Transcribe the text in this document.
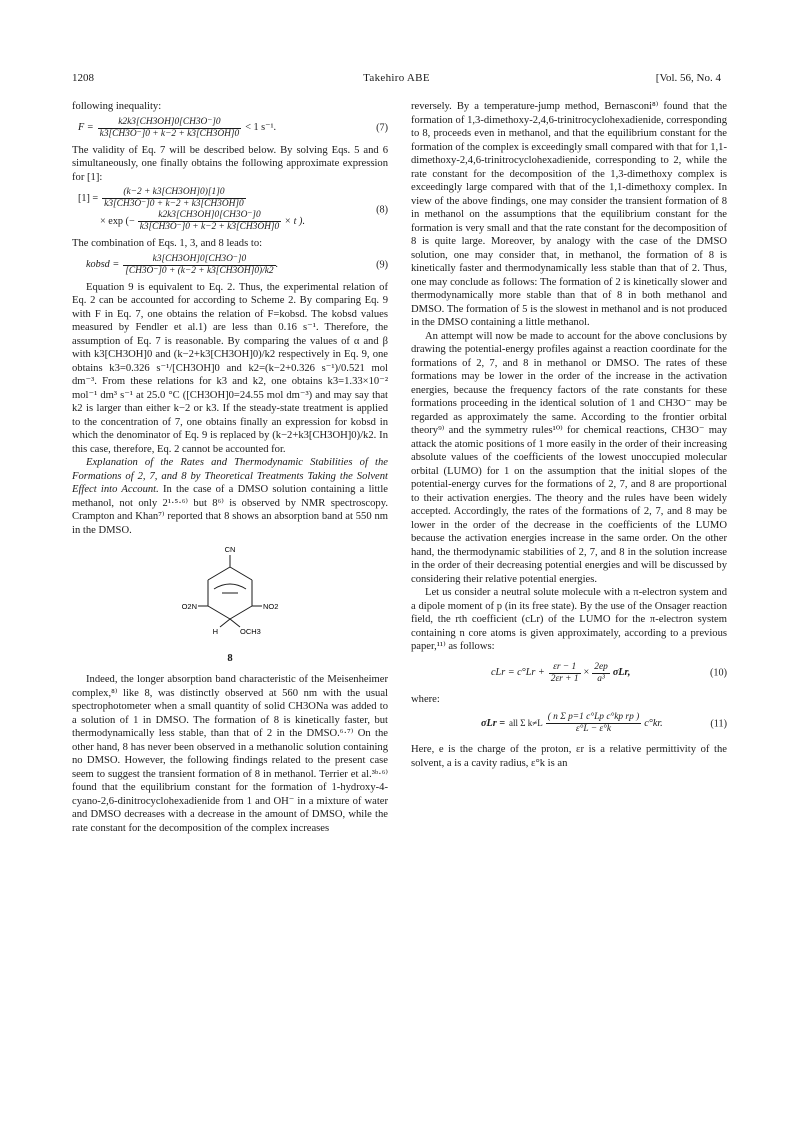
1208	Takehiro ABE	[Vol. 56, No. 4

following inequality:

$F = \frac{k2k3[CH3OH]0[CH3O^-]0}{k3[CH3O^-]0 + k-2 + k3[CH3OH]0} < 1$ s⁻¹.	(7)

The validity of Eq. 7 will be described below. By solving Eqs. 5 and 6 simultaneously, one finally obtains the following approximate expression for [1]:

$[1] = \frac{(k-2 + k3[CH3OH]0)[1]0}{k3[CH3O^-]0 + k-2 + k3[CH3OH]0}$
× exp (− $\frac{k2k3[CH3OH]0[CH3O^-]0}{k3[CH3O^-]0 + k-2 + k3[CH3OH]0} \times t$ ).
(8)

The combination of Eqs. 1, 3, and 8 leads to:

kobsd = $\frac{k3[CH3OH]0[CH3O^-]0}{[CH3O^-]0 + (k-2 + k3[CH3OH]0)/k2}$ .	(9)

Equation 9 is equivalent to Eq. 2. Thus, the experimental relation of Eq. 2 can be accounted for according to Scheme 2. By comparing Eq. 9 with F in Eq. 7, one obtains the relation of F=kobsd. The kobsd values measured by Fendler et al.1) are less than 0.16 s⁻¹. Therefore, the assumption of Eq. 7 is reasonable. By comparing the values of α and β with k3[CH3OH]0 and (k−2+k3[CH3OH]0)/k2 respectively in Eq. 9, one obtains k3=0.326 s⁻¹/[CH3OH]0 and k2=(k−2+0.326 s⁻¹)/0.521 mol dm⁻³. From these relations for k3 and k2, one obtains k3=1.33×10⁻² mol⁻¹ dm³ s⁻¹ at 25.0 °C ([CH3OH]0=24.55 mol dm⁻³) and may say that k2 is larger than either k−2 or k3. If the steady-state treatment is applied to the concentration of 7, one obtains finally an expression for kobsd in which the denominator of Eq. 9 is replaced by (k−2+k3[CH3OH]0)/k2. In this case, therefore, Eq. 2 cannot be accounted for.

Explanation of the Rates and Thermodynamic Stabilities of the Formations of 2, 7, and 8 by Theoretical Treatments Taking the Solvent Effect into Account. In the case of a DMSO solution containing a little methanol, not only 2¹·⁵·⁶⁾ but 8⁶⁾ is observed by NMR spectroscopy. Crampton and Khan⁷⁾ reported that 8 shows an absorption band at 550 nm in the DMSO.

CN
O2N	NO2
H	OCH3
8

Indeed, the longer absorption band characteristic of the Meisenheimer complex,⁸⁾ like 8, was distinctly observed at 560 nm with the usual spectrophotometer when a small quantity of solid CH3ONa was added to a solution of 1 in DMSO. The formation of 8 is kinetically faster, but thermodynamically less stable, than that of 2 in the DMSO.⁶·⁷⁾ On the other hand, 8 has never been observed in a methanolic solution containing no DMSO. However, the following findings related to the present case seem to suggest the transient formation of 8 in methanol. Terrier et al.³ᵇ·⁶⁾ found that the equilibrium constant for the formation of 1-hydroxy-4-cyano-2,6-dinitrocyclohexadienide from 1 and OH⁻ in a mixture of water and DMSO decreases with a decrease in the amount of DMSO, while the rate constant for the decomposition of the complex increases

reversely. By a temperature-jump method, Bernasconi⁸⁾ found that the formation of 1,3-dimethoxy-2,4,6-trinitrocyclohexadienide, corresponding to 8, proceeds even in methanol, and that the equilibrium constant for the formation of the complex is exceedingly small compared with that for 1,1-dimethoxy-2,4,6-trinitrocyclohexadienide, corresponding to 2, while the rate constant for the decomposition of the 1,3-dimethoxy complex is exceedingly large compared with that of the 1,1-dimethoxy complex. In view of the above findings, one may consider the transient formation of 8 in methanol on the assumptions that the equilibrium constant for the formation is very small and that the rate constant for the decomposition of 8 is quite large. Moreover, by analogy with the case of the DMSO solution, one may consider that, in methanol, the formation of 8 is kinetically faster and thermodynamically less stable than that of 2. Thus, one may conclude as follows: The formation of 2 is kinetically slower and thermodynamically more stable than that of 8 in both methanol and DMSO. The formation of 5 is the slowest in methanol and is not produced in the DMSO containing a little methanol.

An attempt will now be made to account for the above conclusions by drawing the potential-energy profiles against a reaction coordinate for the formations of 2, 7, and 8 in methanol or DMSO. The rates of these formations may be lower in the order of the increase in the activation energies, because the frequency factors of the rate constants for these formations proceeding in the identical solution of 1 and CH3O⁻ may be regarded as approximately the same. According to the frontier orbital theory⁹⁾ and the symmetry rules¹⁰⁾ for chemical reactions, CH3O⁻ may attack the atomic positions of 1 more easily in the order of their increasing absolute values of the coefficients of the lowest unoccupied molecular orbital (LUMO) for 1 on the assumption that the initial slopes of the potential-energy curves for the formations of 2, 7, and 8 are proportional to their activation energies. The theory and the rules have been widely accepted. Accordingly, the rates of the formations of 2, 7, and 8 may be lower in the order of the decrease in the coefficients of the LUMO because the activation energies increase in the same order. On the other hand, the thermodynamic stabilities of 2, 7, and 8 in the solution increase in the order of their decreasing potential energies and will be discussed by considering their relative potential energies.

Let us consider a neutral solute molecule with a π-electron system and a dipole moment of p (in its free state). By the use of the Onsager reaction field, the rth coefficient (cLr) of the LUMO for the π-electron system containing n core atoms is given approximately, according to a previous paper,¹¹⁾ as follows:

cLr = $c^\circ Lr + \frac{\varepsilon r - 1}{2\varepsilon r + 1} \times \frac{2ep}{\text{a³}} \sigma Lr$,	(10)

where:

σLr = all Σ $k\ne L \frac{\text{( n Σ p=1 c°Lp c°kp rp )}}{\varepsilon^\circ L - \varepsilon^\circ k} c^\circ kr$.	(11)

Here, e is the charge of the proton, εr is a relative permittivity of the solvent, a is a cavity radius, ε°k is an
